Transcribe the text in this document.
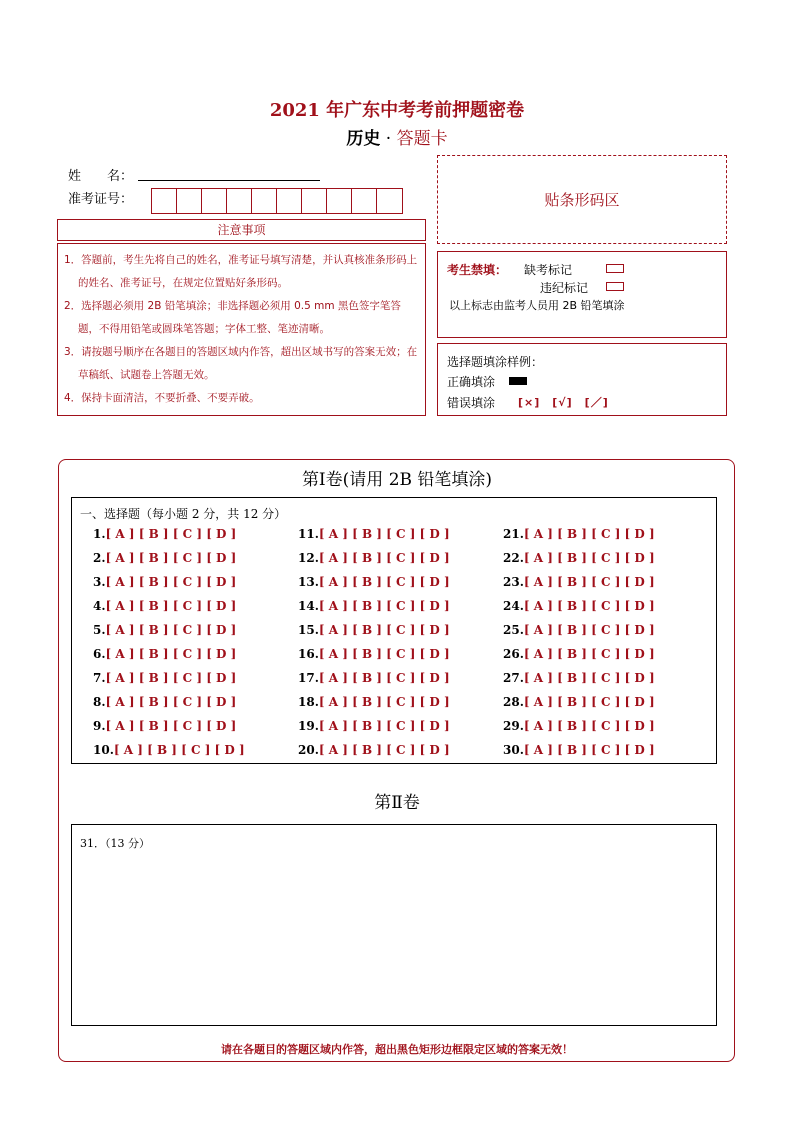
2021 年广东中考考前押题密卷
历史 · 答题卡
姓　　名：
准考证号：	贴条形码区
注意事项
1．答题前，考生先将自己的姓名，准考证号填写清楚，并认真核准条形码上的姓名、准考证号，在规定位置贴好条形码。
2．选择题必须用 2B 铅笔填涂；非选择题必须用 0.5 mm 黑色签字笔答题，不得用铅笔或圆珠笔答题；字体工整、笔迹清晰。
3．请按题号顺序在各题目的答题区域内作答，超出区域书写的答案无效；在草稿纸、试题卷上答题无效。
4．保持卡面清洁，不要折叠、不要弄破。
考生禁填： 缺考标记
违纪标记
以上标志由监考人员用 2B 铅笔填涂
选择题填涂样例：
正确填涂
错误填涂 [×]　[√]　[／]
第Ⅰ卷(请用 2B 铅笔填涂)
一、选择题（每小题 2 分，共 12 分）
1.[ A ] [ B ] [ C ] [ D ]
2.[ A ] [ B ] [ C ] [ D ]
3.[ A ] [ B ] [ C ] [ D ]
4.[ A ] [ B ] [ C ] [ D ]
5.[ A ] [ B ] [ C ] [ D ]
6.[ A ] [ B ] [ C ] [ D ]
7.[ A ] [ B ] [ C ] [ D ]
8.[ A ] [ B ] [ C ] [ D ]
9.[ A ] [ B ] [ C ] [ D ]
10.[ A ] [ B ] [ C ] [ D ]
11.[ A ] [ B ] [ C ] [ D ]
12.[ A ] [ B ] [ C ] [ D ]
13.[ A ] [ B ] [ C ] [ D ]
14.[ A ] [ B ] [ C ] [ D ]
15.[ A ] [ B ] [ C ] [ D ]
16.[ A ] [ B ] [ C ] [ D ]
17.[ A ] [ B ] [ C ] [ D ]
18.[ A ] [ B ] [ C ] [ D ]
19.[ A ] [ B ] [ C ] [ D ]
20.[ A ] [ B ] [ C ] [ D ]
21.[ A ] [ B ] [ C ] [ D ]
22.[ A ] [ B ] [ C ] [ D ]
23.[ A ] [ B ] [ C ] [ D ]
24.[ A ] [ B ] [ C ] [ D ]
25.[ A ] [ B ] [ C ] [ D ]
26.[ A ] [ B ] [ C ] [ D ]
27.[ A ] [ B ] [ C ] [ D ]
28.[ A ] [ B ] [ C ] [ D ]
29.[ A ] [ B ] [ C ] [ D ]
30.[ A ] [ B ] [ C ] [ D ]
第Ⅱ卷
31．（13 分）
请在各题目的答题区域内作答，超出黑色矩形边框限定区域的答案无效！
